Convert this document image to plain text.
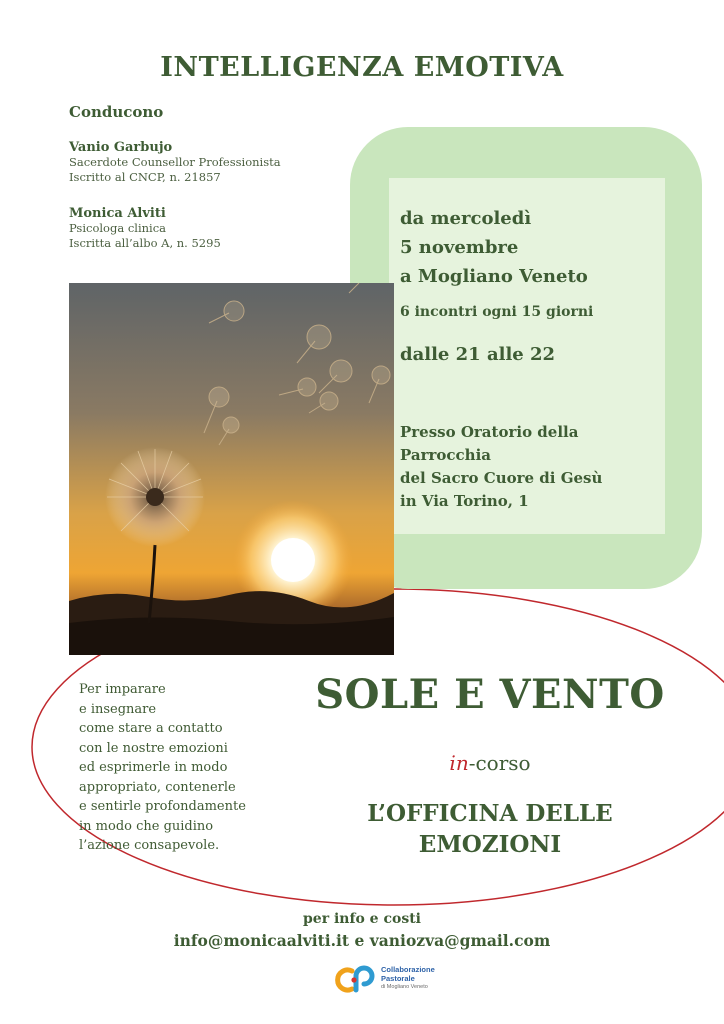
INTELLIGENZA EMOTIVA
Conducono
Vanio Garbujo
Sacerdote Counsellor Professionista
Iscritto al CNCP, n. 21857
Monica Alviti
Psicologa clinica
Iscritta all’albo A, n. 5295
da mercoledì
5 novembre
a Mogliano Veneto
6 incontri ogni 15 giorni
dalle 21 alle 22
Presso Oratorio della
Parrocchia
del Sacro Cuore di Gesù
in Via Torino, 1
Per imparare
e insegnare
come stare a contatto
con le nostre emozioni
ed esprimerle in modo
appropriato, contenerle
e sentirle profondamente
in modo che guidino
l’azione consapevole.
SOLE E VENTO
in-corso
L’OFFICINA DELLE
EMOZIONI
per info e costi
info@monicaalviti.it e vaniozva@gmail.com
Collaborazione
Pastorale
di Mogliano Veneto
